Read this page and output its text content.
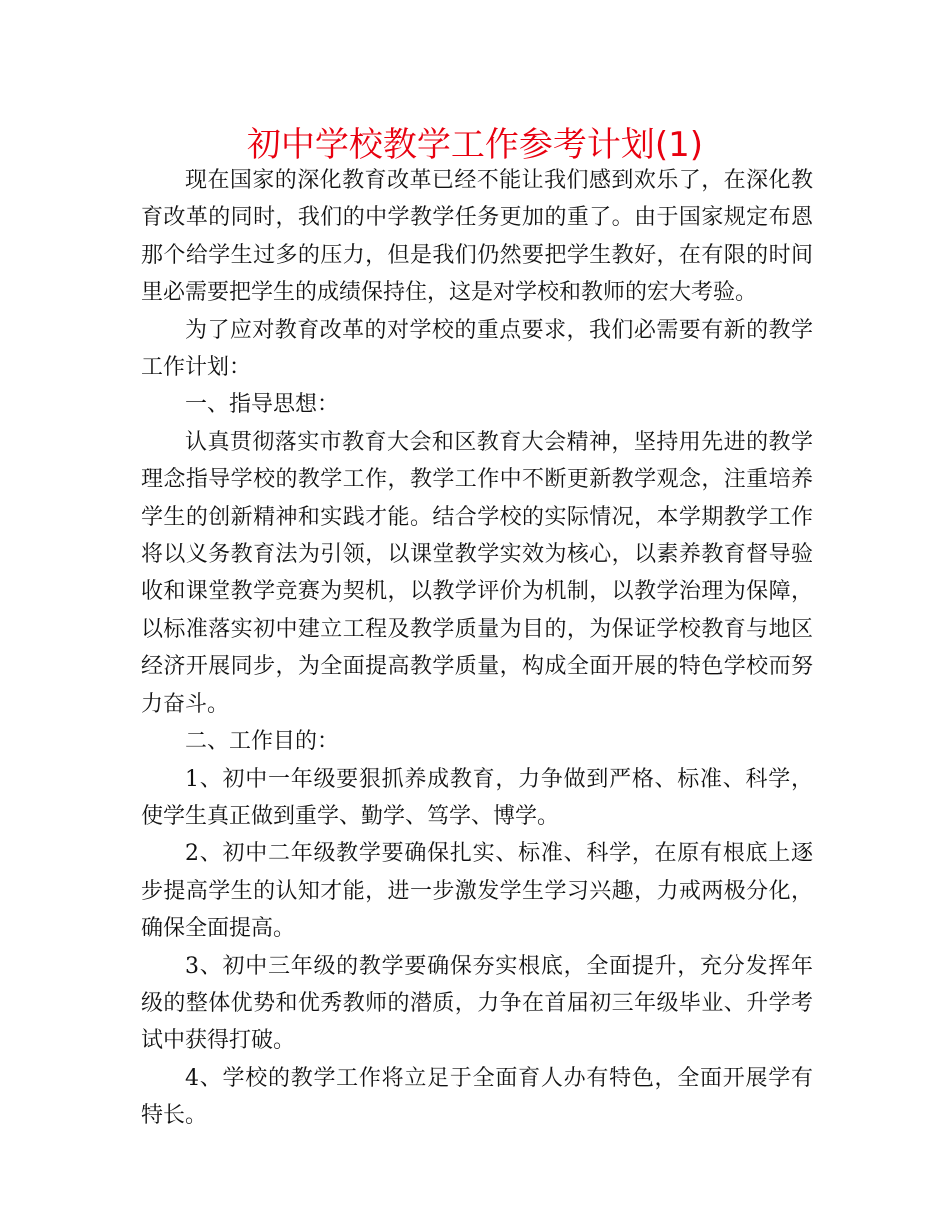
初中学校教学工作参考计划(1)

现在国家的深化教育改革已经不能让我们感到欢乐了，在深化教育改革的同时，我们的中学教学任务更加的重了。由于国家规定布恩那个给学生过多的压力，但是我们仍然要把学生教好，在有限的时间里必需要把学生的成绩保持住，这是对学校和教师的宏大考验。

为了应对教育改革的对学校的重点要求，我们必需要有新的教学工作计划：

一、指导思想：

认真贯彻落实市教育大会和区教育大会精神，坚持用先进的教学理念指导学校的教学工作，教学工作中不断更新教学观念，注重培养学生的创新精神和实践才能。结合学校的实际情况，本学期教学工作将以义务教育法为引领，以课堂教学实效为核心，以素养教育督导验收和课堂教学竞赛为契机，以教学评价为机制，以教学治理为保障，以标准落实初中建立工程及教学质量为目的，为保证学校教育与地区经济开展同步，为全面提高教学质量，构成全面开展的特色学校而努力奋斗。

二、工作目的：

1、初中一年级要狠抓养成教育，力争做到严格、标准、科学，使学生真正做到重学、勤学、笃学、博学。

2、初中二年级教学要确保扎实、标准、科学，在原有根底上逐步提高学生的认知才能，进一步激发学生学习兴趣，力戒两极分化，确保全面提高。

3、初中三年级的教学要确保夯实根底，全面提升，充分发挥年级的整体优势和优秀教师的潜质，力争在首届初三年级毕业、升学考试中获得打破。

4、学校的教学工作将立足于全面育人办有特色，全面开展学有特长。
